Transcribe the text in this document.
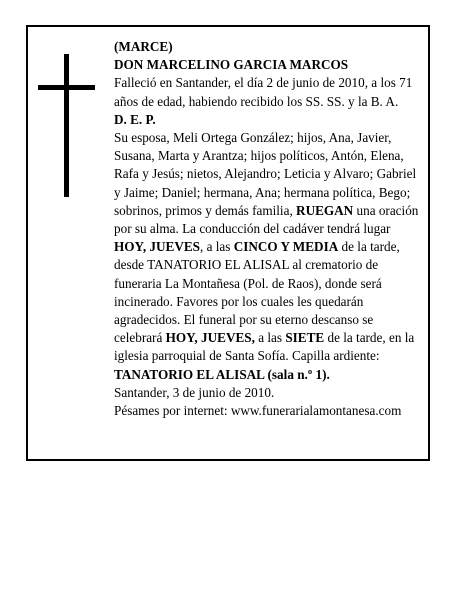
(MARCE)

DON MARCELINO GARCIA MARCOS

Falleció en Santander, el día 2 de junio de 2010, a los 71 años de edad, habiendo recibido los SS. SS. y la B. A.

D. E. P.

Su esposa, Meli Ortega González; hijos, Ana, Javier, Susana, Marta y Arantza; hijos políticos, Antón, Elena, Rafa y Jesús; nietos, Alejandro; Leticia y Alvaro; Gabriel y Jaime; Daniel; hermana, Ana; hermana política, Bego; sobrinos, primos y demás familia, RUEGAN una oración por su alma. La conducción del cadáver tendrá lugar HOY, JUEVES, a las CINCO Y MEDIA de la tarde, desde TANATORIO EL ALISAL al crematorio de funeraria La Montañesa (Pol. de Raos), donde será incinerado. Favores por los cuales les quedarán agradecidos. El funeral por su eterno descanso se celebrará HOY, JUEVES, a las SIETE de la tarde, en la iglesia parroquial de Santa Sofía. Capilla ardiente: TANATORIO EL ALISAL (sala n.º 1).

Santander, 3 de junio de 2010.

Pésames por internet: www.funerarialamontanesa.com
